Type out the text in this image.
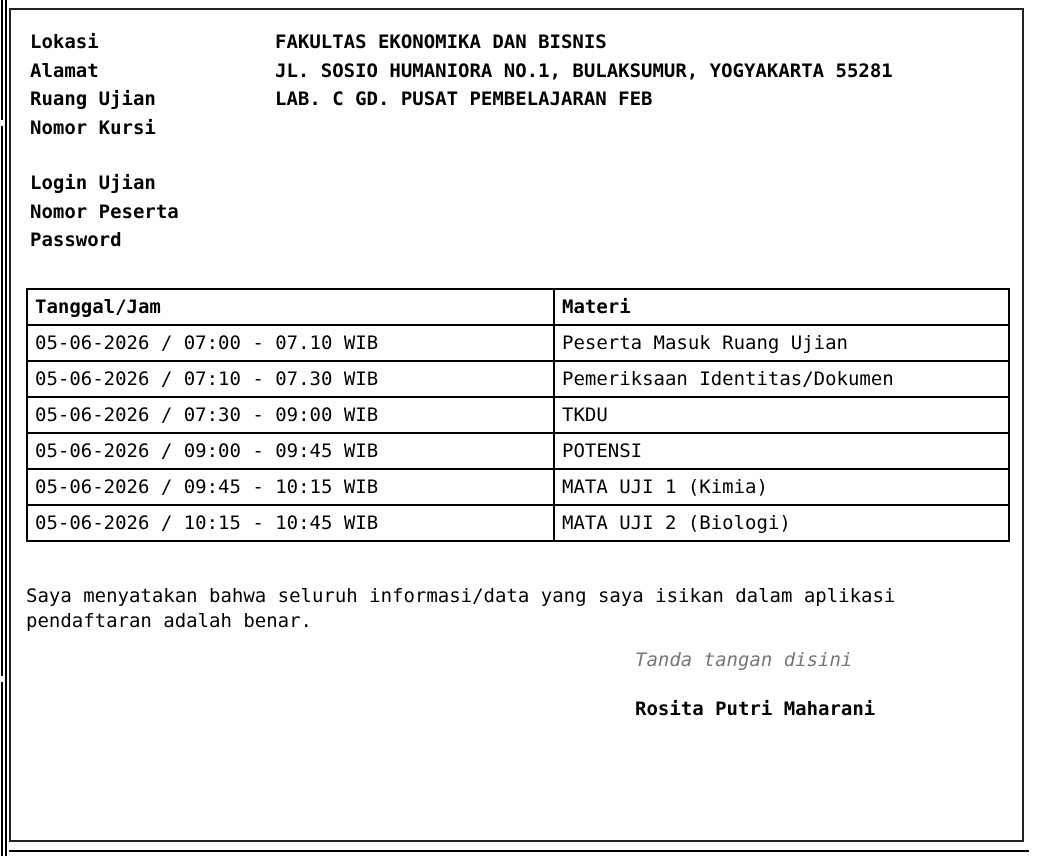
Lokasi	FAKULTAS EKONOMIKA DAN BISNIS
Alamat	JL. SOSIO HUMANIORA NO.1, BULAKSUMUR, YOGYAKARTA 55281
Ruang Ujian	LAB. C GD. PUSAT PEMBELAJARAN FEB
Nomor Kursi
Login Ujian
Nomor Peserta
Password
Tanggal/Jam	Materi
05-06-2026 / 07:00 - 07.10 WIB	Peserta Masuk Ruang Ujian
05-06-2026 / 07:10 - 07.30 WIB	Pemeriksaan Identitas/Dokumen
05-06-2026 / 07:30 - 09:00 WIB	TKDU
05-06-2026 / 09:00 - 09:45 WIB	POTENSI
05-06-2026 / 09:45 - 10:15 WIB	MATA UJI 1 (Kimia)
05-06-2026 / 10:15 - 10:45 WIB	MATA UJI 2 (Biologi)
Saya menyatakan bahwa seluruh informasi/data yang saya isikan dalam aplikasi pendaftaran adalah benar.
Tanda tangan disini
Rosita Putri Maharani
